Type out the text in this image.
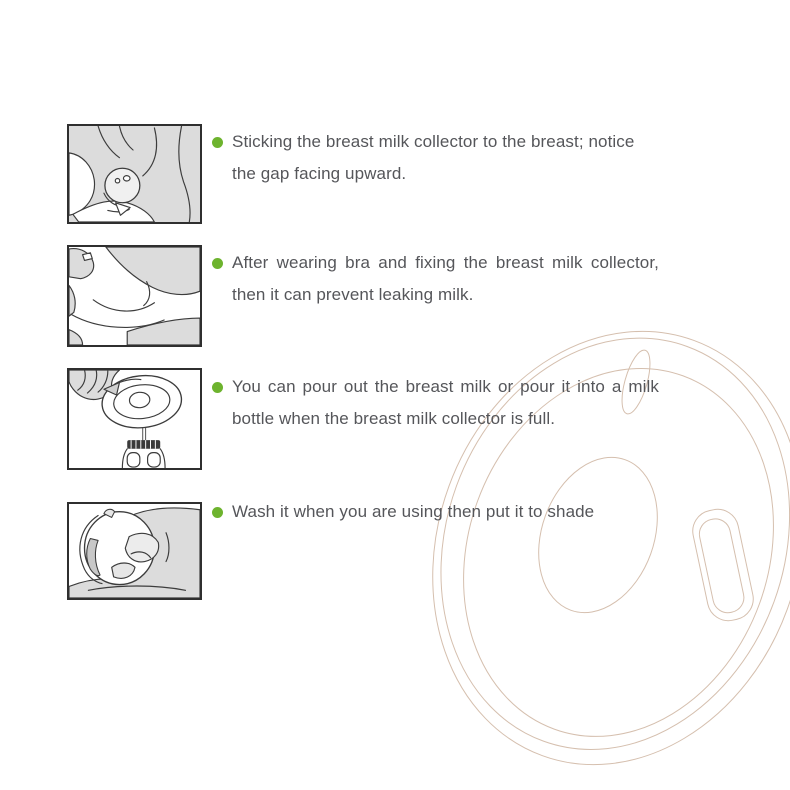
Sticking the breast milk collector to the breast; notice the gap facing upward.

After wearing bra and fixing the breast milk collector, then it can prevent leaking milk.

You can pour out the breast milk or pour it into a milk bottle when the breast milk collector is full.

Wash it when you are using then put it to shade
